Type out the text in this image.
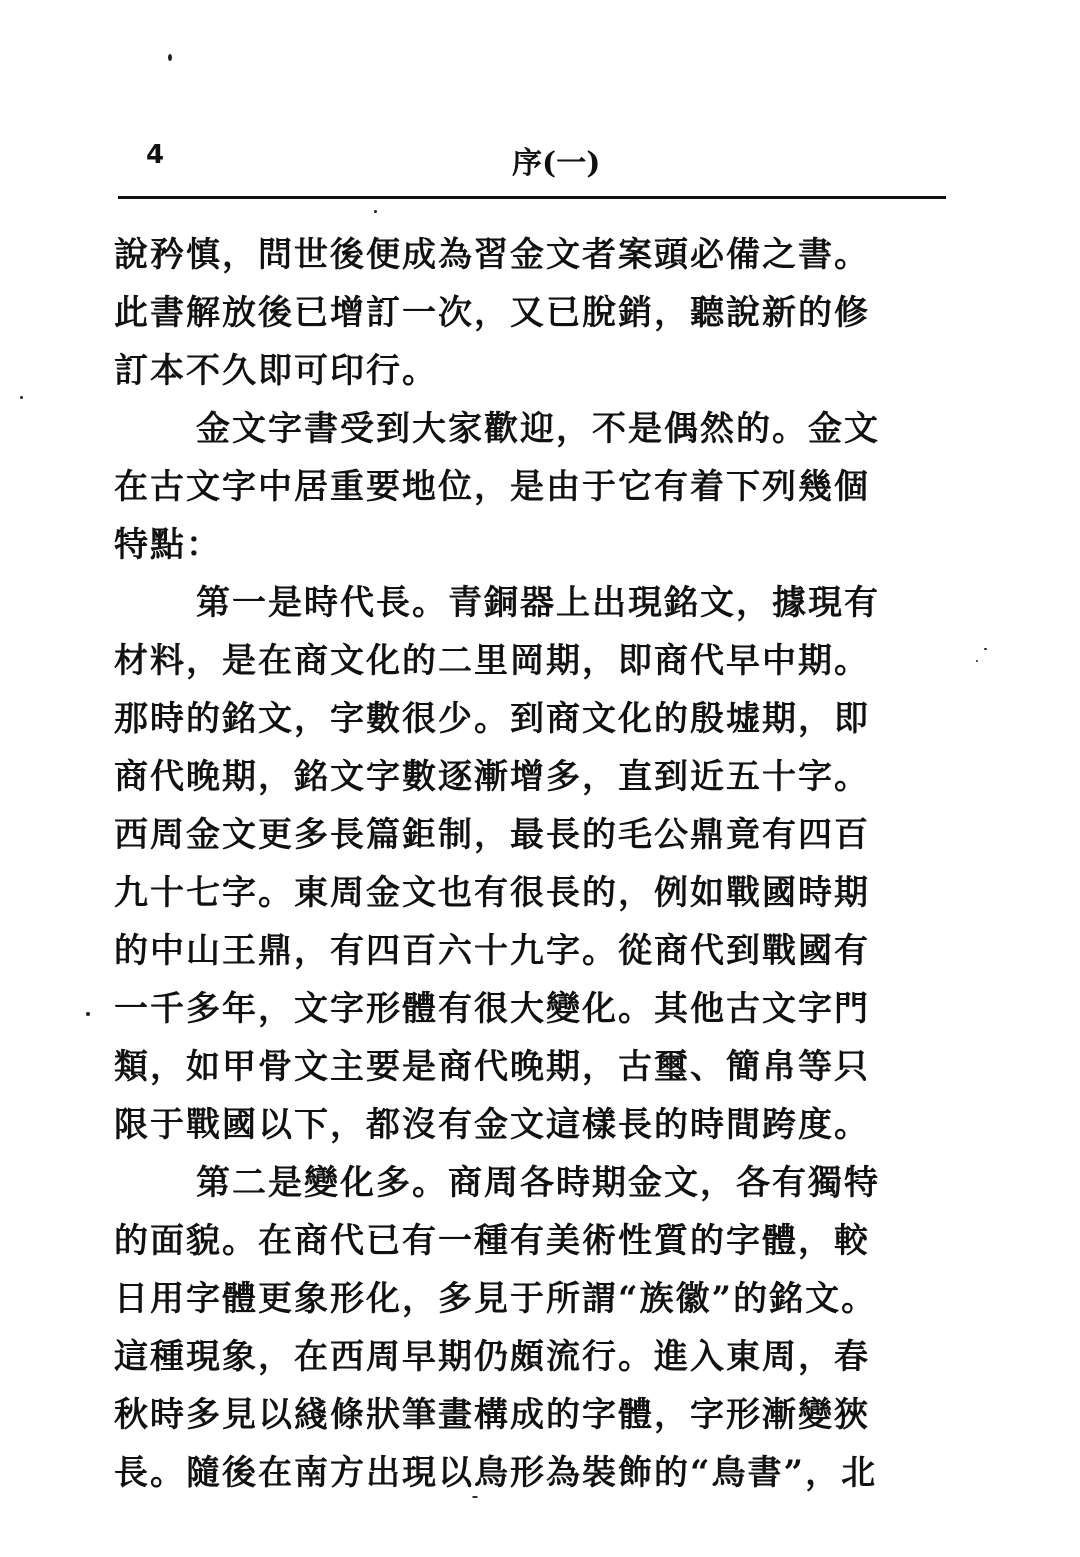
4	序(一)
說矜慎，問世後便成為習金文者案頭必備之書。
此書解放後已增訂一次，又已脫銷，聽說新的修
訂本不久即可印行。
金文字書受到大家歡迎，不是偶然的。金文
在古文字中居重要地位，是由于它有着下列幾個
特點：
第一是時代長。青銅器上出現銘文，據現有
材料，是在商文化的二里岡期，即商代早中期。
那時的銘文，字數很少。到商文化的殷墟期，即
商代晚期，銘文字數逐漸增多，直到近五十字。
西周金文更多長篇鉅制，最長的毛公鼎竟有四百
九十七字。東周金文也有很長的，例如戰國時期
的中山王鼎，有四百六十九字。從商代到戰國有
一千多年，文字形體有很大變化。其他古文字門
類，如甲骨文主要是商代晚期，古璽、簡帛等只
限于戰國以下，都沒有金文這樣長的時間跨度。
第二是變化多。商周各時期金文，各有獨特
的面貌。在商代已有一種有美術性質的字體，較
日用字體更象形化，多見于所謂“族徽”的銘文。
這種現象，在西周早期仍頗流行。進入東周，春
秋時多見以綫條狀筆畫構成的字體，字形漸變狹
長。隨後在南方出現以鳥形為裝飾的“鳥書”，北
